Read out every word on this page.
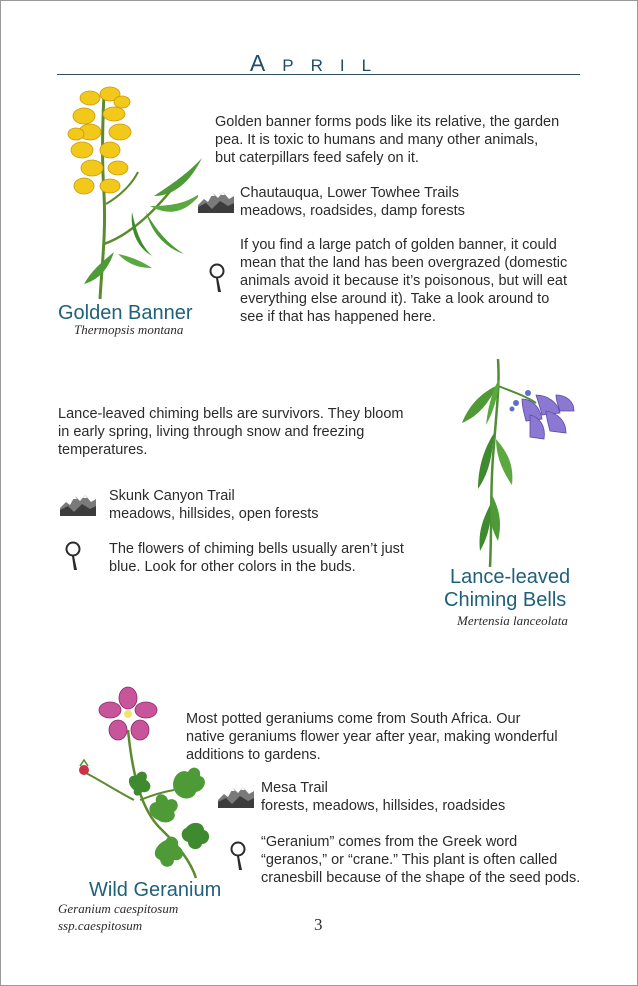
APRIL
Golden Banner
Thermopsis montana
Golden banner forms pods like its relative, the garden
pea. It is toxic to humans and many other animals,
but caterpillars feed safely on it.
Chautauqua, Lower Towhee Trails
meadows, roadsides, damp forests
If you find a large patch of golden banner, it could
mean that the land has been overgrazed (domestic
animals avoid it because it’s poisonous, but will eat
everything else around it). Take a look around to
see if that has happened here.
Lance-leaved chiming bells are survivors. They bloom
in early spring, living through snow and freezing
temperatures.
Skunk Canyon Trail
meadows, hillsides, open forests
The flowers of chiming bells usually aren’t just
blue. Look for other colors in the buds.	Lance-leaved
Chiming Bells
Mertensia lanceolata
Most potted geraniums come from South Africa. Our
native geraniums flower year after year, making wonderful
additions to gardens.
Mesa Trail
forests, meadows, hillsides, roadsides
“Geranium” comes from the Greek word
“geranos,” or “crane.” This plant is often called
cranesbill because of the shape of the seed pods.
Wild Geranium
Geranium caespitosum
ssp.caespitosum	3
